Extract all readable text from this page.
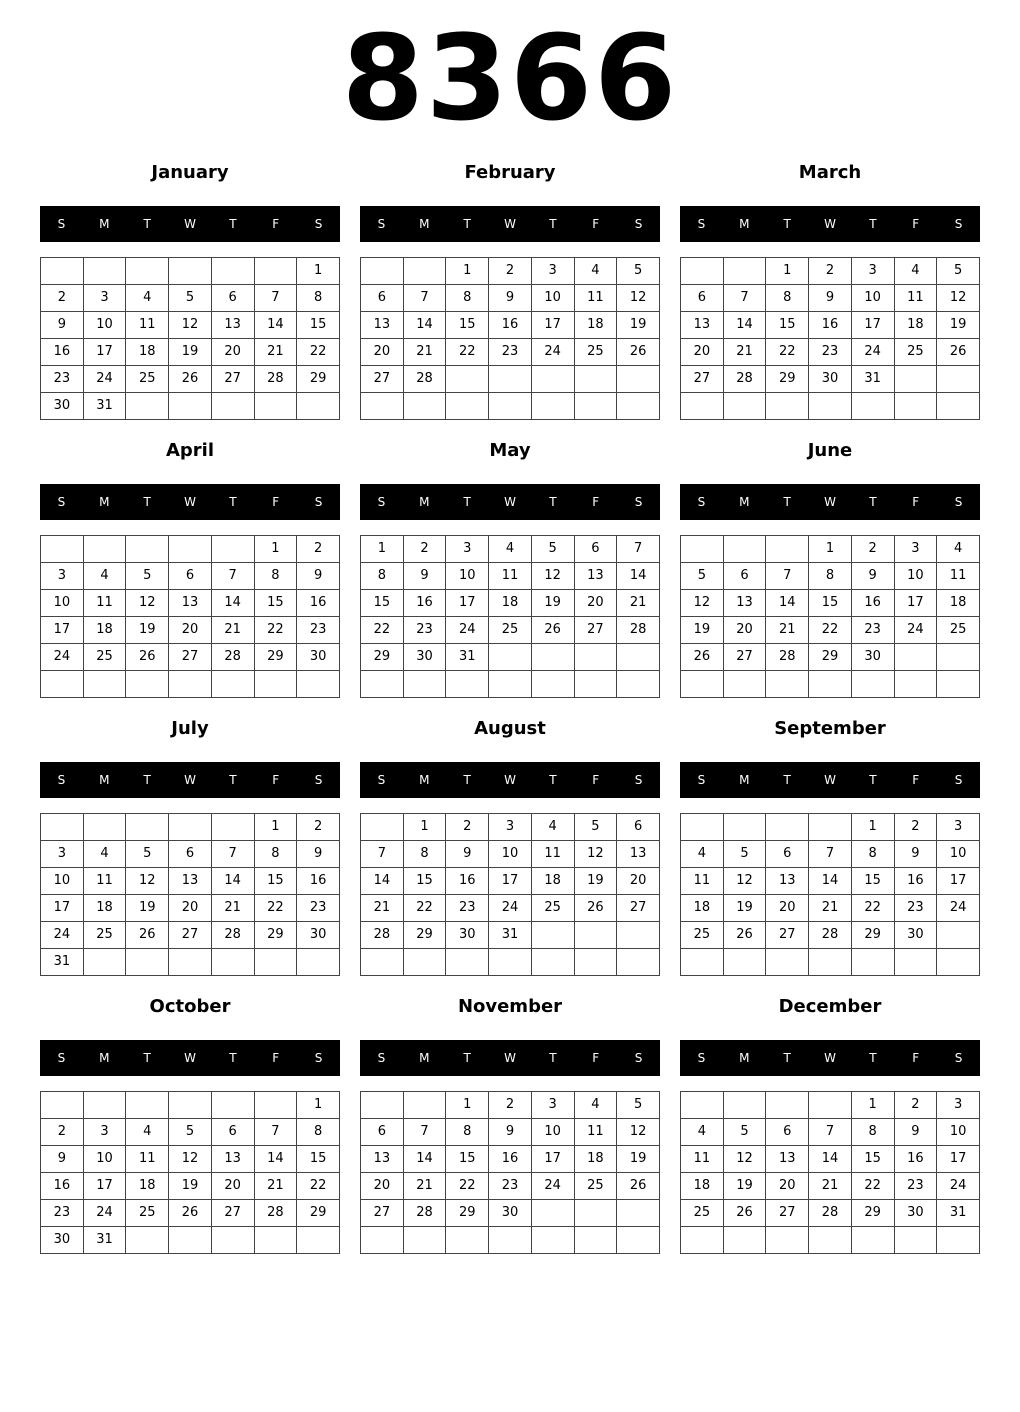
8366
January
S	M	T	W	T	F	S
						1
2	3	4	5	6	7	8
9	10	11	12	13	14	15
16	17	18	19	20	21	22
23	24	25	26	27	28	29
30	31					
February
S	M	T	W	T	F	S
		1	2	3	4	5
6	7	8	9	10	11	12
13	14	15	16	17	18	19
20	21	22	23	24	25	26
27	28					

March
S	M	T	W	T	F	S
		1	2	3	4	5
6	7	8	9	10	11	12
13	14	15	16	17	18	19
20	21	22	23	24	25	26
27	28	29	30	31		

April
S	M	T	W	T	F	S
					1	2
3	4	5	6	7	8	9
10	11	12	13	14	15	16
17	18	19	20	21	22	23
24	25	26	27	28	29	30

May
S	M	T	W	T	F	S
1	2	3	4	5	6	7
8	9	10	11	12	13	14
15	16	17	18	19	20	21
22	23	24	25	26	27	28
29	30	31				

June
S	M	T	W	T	F	S
			1	2	3	4
5	6	7	8	9	10	11
12	13	14	15	16	17	18
19	20	21	22	23	24	25
26	27	28	29	30		

July
S	M	T	W	T	F	S
					1	2
3	4	5	6	7	8	9
10	11	12	13	14	15	16
17	18	19	20	21	22	23
24	25	26	27	28	29	30
31						
August
S	M	T	W	T	F	S
	1	2	3	4	5	6
7	8	9	10	11	12	13
14	15	16	17	18	19	20
21	22	23	24	25	26	27
28	29	30	31			

September
S	M	T	W	T	F	S
				1	2	3
4	5	6	7	8	9	10
11	12	13	14	15	16	17
18	19	20	21	22	23	24
25	26	27	28	29	30	

October
S	M	T	W	T	F	S
						1
2	3	4	5	6	7	8
9	10	11	12	13	14	15
16	17	18	19	20	21	22
23	24	25	26	27	28	29
30	31					
November
S	M	T	W	T	F	S
		1	2	3	4	5
6	7	8	9	10	11	12
13	14	15	16	17	18	19
20	21	22	23	24	25	26
27	28	29	30			

December
S	M	T	W	T	F	S
				1	2	3
4	5	6	7	8	9	10
11	12	13	14	15	16	17
18	19	20	21	22	23	24
25	26	27	28	29	30	31
